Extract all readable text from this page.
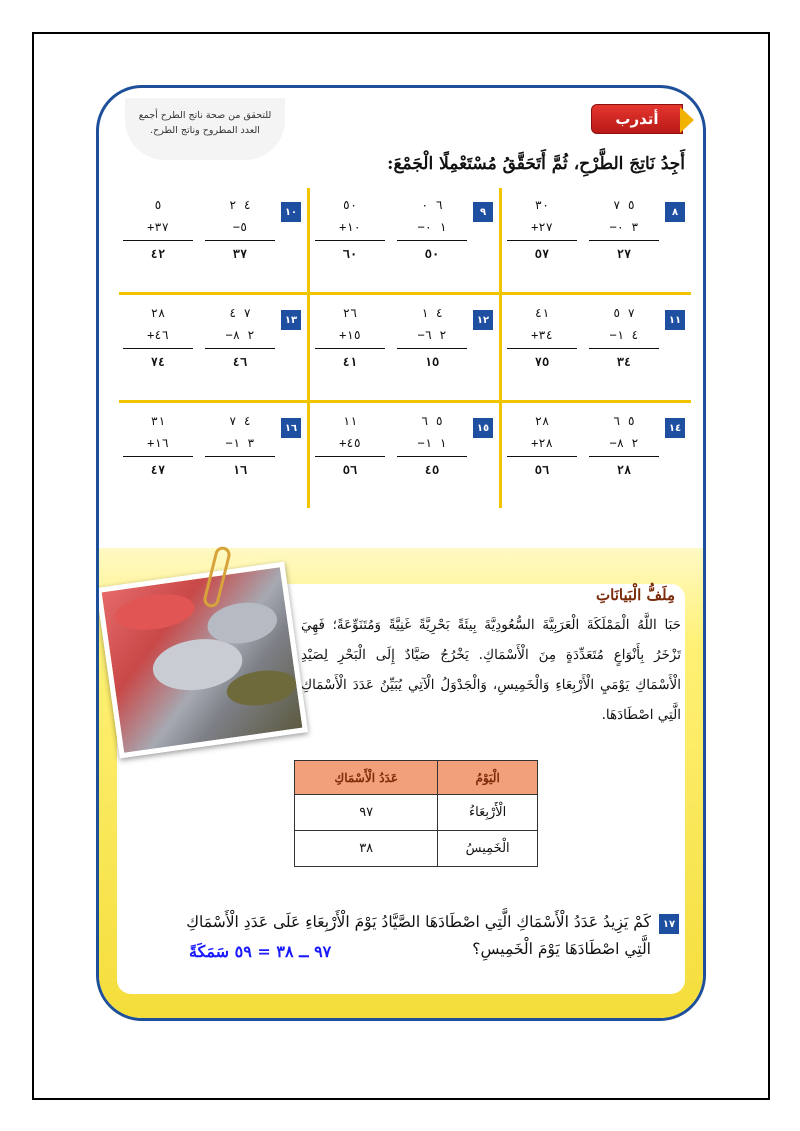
أتدرب
للتحقق من صحة ناتج الطرح أجمع
العدد المطروح وناتج الطرح.
أَجِدُ نَاتِجَ الطَّرْحِ، ثُمَّ أَتَحَقَّقُ مُسْتَعْمِلًا الْجَمْعَ:
٨
٥ ٧
٣ ٠−
٢٧
٣٠
٢٧+
٥٧
٩
٦ ٠
١ ٠−
٥٠
٥٠
١٠+
٦٠
١٠
٤ ٢
٥−
٣٧
٥
٣٧+
٤٢
١١
٧ ٥
٤ ١−
٣٤
٤١
٣٤+
٧٥
١٢
٤ ١
٢ ٦−
١٥
٢٦
١٥+
٤١
١٣
٧ ٤
٢ ٨−
٤٦
٢٨
٤٦+
٧٤
١٤
٥ ٦
٢ ٨−
٢٨
٢٨
٢٨+
٥٦
١٥
٥ ٦
١ ١−
٤٥
١١
٤٥+
٥٦
١٦
٤ ٧
٣ ١−
١٦
٣١
١٦+
٤٧
مِلَفُّ الْبَيانَاتِ
حَبَا اللَّهُ الْمَمْلَكَةَ الْعَرَبِيَّةَ السُّعُودِيَّةَ بِيئَةً بَحْرِيَّةً غَنِيَّةً وَمُتَنَوِّعَةً؛ فَهِيَ تَزْخَرُ بِأَنْوَاعٍ مُتَعَدِّدَةٍ مِنَ الْأَسْمَاكِ. يَخْرُجُ صَيَّادٌ إِلَى الْبَحْرِ لِصَيْدِ الْأَسْمَاكِ يَوْمَيِ الْأَرْبِعَاءِ وَالْخَمِيسِ، وَالْجَدْوَلُ الْآتِي يُبَيِّنُ عَدَدَ الْأَسْمَاكِ الَّتِي اصْطَادَهَا.
الْيَوْمُ	عَدَدُ الْأَسْمَاكِ
الْأَرْبِعَاءُ	٩٧
الْخَمِيسُ	٣٨
١٧
كَمْ يَزِيدُ عَدَدُ الْأَسْمَاكِ الَّتِي اصْطَادَهَا الصَّيَّادُ يَوْمَ الْأَرْبِعَاءِ عَلَى عَدَدِ الْأَسْمَاكِ
الَّتِي اصْطَادَهَا يَوْمَ الْخَمِيسِ؟
٩٧ ــ ٣٨ = ٥٩ سَمَكَةً
